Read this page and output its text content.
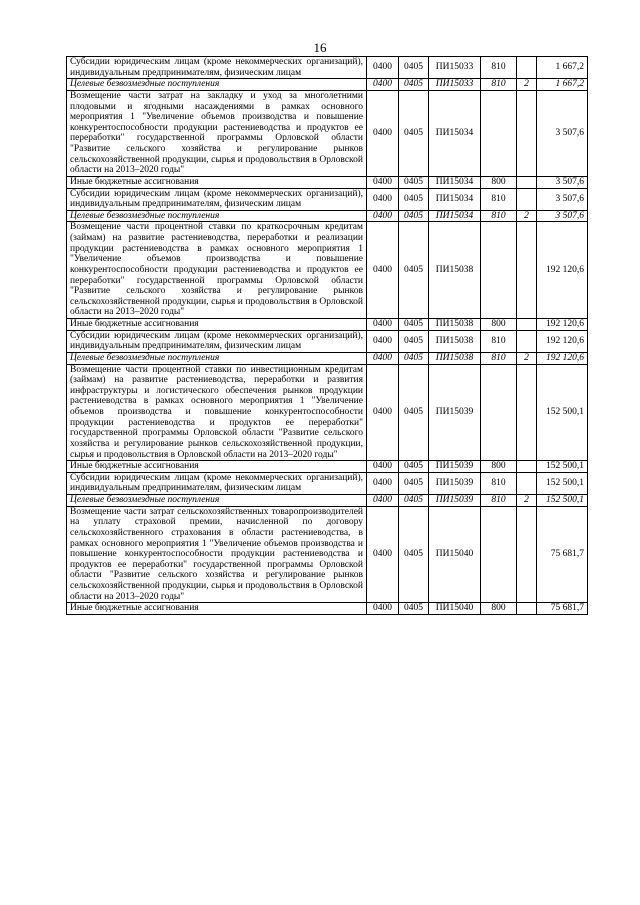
16
Субсидии юридическим лицам (кроме некоммерческих организаций), индивидуальным предпринимателям, физическим лицам	0400	0405	ПИ15033	810		1 667,2
Целевые безвозмездные поступления	0400	0405	ПИ15033	810	2	1 667,2
Возмещение части затрат на закладку и уход за многолетними плодовыми и ягодными насаждениями в рамках основного мероприятия 1 "Увеличение объемов производства и повышение конкурентоспособности продукции растениеводства и продуктов ее переработки" государственной программы Орловской области "Развитие сельского хозяйства и регулирование рынков сельскохозяйственной продукции, сырья и продовольствия в Орловской области на 2013–2020 годы"	0400	0405	ПИ15034			3 507,6
Иные бюджетные ассигнования	0400	0405	ПИ15034	800		3 507,6
Субсидии юридическим лицам (кроме некоммерческих организаций), индивидуальным предпринимателям, физическим лицам	0400	0405	ПИ15034	810		3 507,6
Целевые безвозмездные поступления	0400	0405	ПИ15034	810	2	3 507,6
Возмещение части процентной ставки по краткосрочным кредитам (займам) на развитие растениеводства, переработки и реализации продукции растениеводства в рамках основного мероприятия 1 "Увеличение объемов производства и повышение конкурентоспособности продукции растениеводства и продуктов ее переработки" государственной программы Орловской области "Развитие сельского хозяйства и регулирование рынков сельскохозяйственной продукции, сырья и продовольствия в Орловской области на 2013–2020 годы"	0400	0405	ПИ15038			192 120,6
Иные бюджетные ассигнования	0400	0405	ПИ15038	800		192 120,6
Субсидии юридическим лицам (кроме некоммерческих организаций), индивидуальным предпринимателям, физическим лицам	0400	0405	ПИ15038	810		192 120,6
Целевые безвозмездные поступления	0400	0405	ПИ15038	810	2	192 120,6
Возмещение части процентной ставки по инвестиционным кредитам (займам) на развитие растениеводства, переработки и развития инфраструктуры и логистического обеспечения рынков продукции растениеводства в рамках основного мероприятия 1 "Увеличение объемов производства и повышение конкурентоспособности продукции растениеводства и продуктов ее переработки" государственной программы Орловской области "Развитие сельского хозяйства и регулирование рынков сельскохозяйственной продукции, сырья и продовольствия в Орловской области на 2013–2020 годы"	0400	0405	ПИ15039			152 500,1
Иные бюджетные ассигнования	0400	0405	ПИ15039	800		152 500,1
Субсидии юридическим лицам (кроме некоммерческих организаций), индивидуальным предпринимателям, физическим лицам	0400	0405	ПИ15039	810		152 500,1
Целевые безвозмездные поступления	0400	0405	ПИ15039	810	2	152 500,1
Возмещение части затрат сельскохозяйственных товаропроизводителей на уплату страховой премии, начисленной по договору сельскохозяйственного страхования в области растениеводства, в рамках основного мероприятия 1 "Увеличение объемов производства и повышение конкурентоспособности продукции растениеводства и продуктов ее переработки" государственной программы Орловской области "Развитие сельского хозяйства и регулирование рынков сельскохозяйственной продукции, сырья и продовольствия в Орловской области на 2013–2020 годы"	0400	0405	ПИ15040			75 681,7
Иные бюджетные ассигнования	0400	0405	ПИ15040	800		75 681,7
